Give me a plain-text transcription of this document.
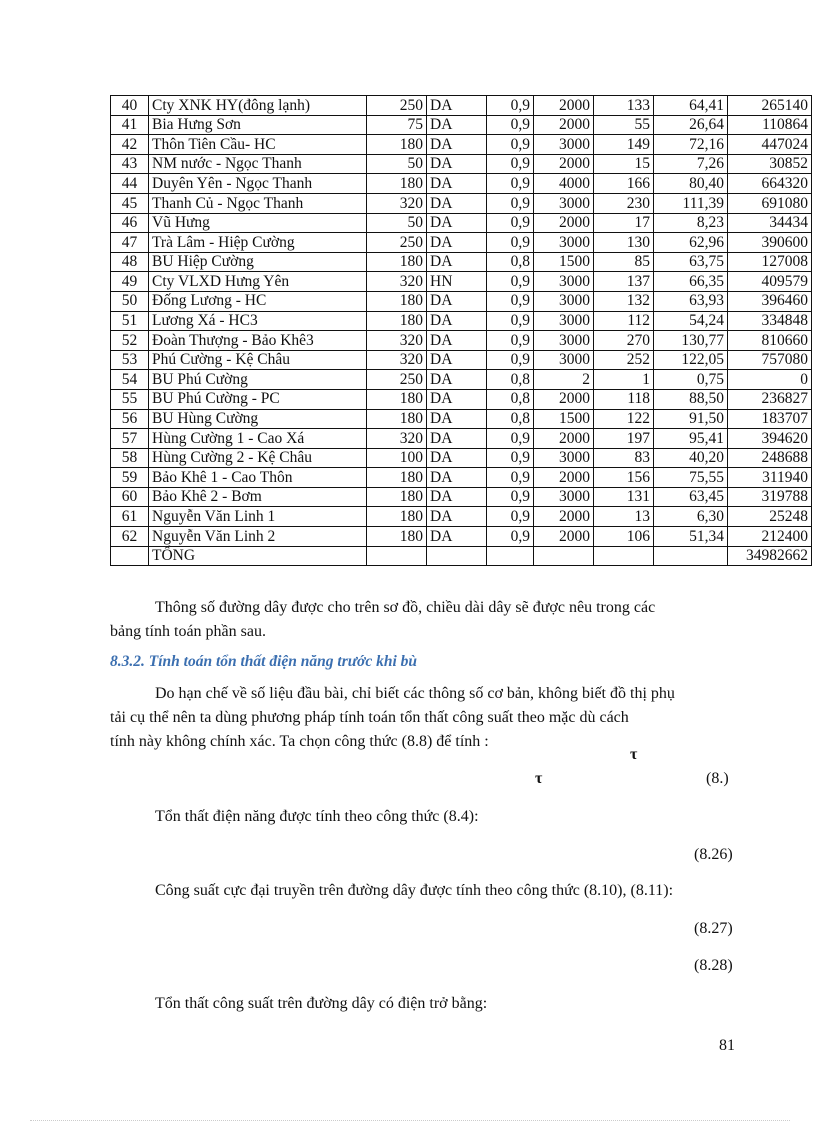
40	Cty XNK HY(đông lạnh)	250	DA	0,9	2000	133	64,41	265140
41	Bia Hưng Sơn	75	DA	0,9	2000	55	26,64	110864
42	Thôn Tiên Cầu- HC	180	DA	0,9	3000	149	72,16	447024
43	NM nước - Ngọc Thanh	50	DA	0,9	2000	15	7,26	30852
44	Duyên Yên - Ngọc Thanh	180	DA	0,9	4000	166	80,40	664320
45	Thanh Củ - Ngọc Thanh	320	DA	0,9	3000	230	111,39	691080
46	Vũ Hưng	50	DA	0,9	2000	17	8,23	34434
47	Trà Lâm - Hiệp Cường	250	DA	0,9	3000	130	62,96	390600
48	BU Hiệp Cường	180	DA	0,8	1500	85	63,75	127008
49	Cty VLXD Hưng Yên	320	HN	0,9	3000	137	66,35	409579
50	Đống Lương - HC	180	DA	0,9	3000	132	63,93	396460
51	Lương Xá - HC3	180	DA	0,9	3000	112	54,24	334848
52	Đoàn Thượng - Bảo Khê3	320	DA	0,9	3000	270	130,77	810660
53	Phú Cường - Kệ Châu	320	DA	0,9	3000	252	122,05	757080
54	BU Phú Cường	250	DA	0,8	2	1	0,75	0
55	BU Phú Cường - PC	180	DA	0,8	2000	118	88,50	236827
56	BU Hùng Cường	180	DA	0,8	1500	122	91,50	183707
57	Hùng Cường 1 - Cao Xá	320	DA	0,9	2000	197	95,41	394620
58	Hùng Cường 2 - Kệ Châu	100	DA	0,9	3000	83	40,20	248688
59	Bảo Khê 1 - Cao Thôn	180	DA	0,9	2000	156	75,55	311940
60	Bảo Khê 2 - Bơm	180	DA	0,9	3000	131	63,45	319788
61	Nguyễn Văn Linh 1	180	DA	0,9	2000	13	6,30	25248
62	Nguyễn Văn Linh 2	180	DA	0,9	2000	106	51,34	212400
	TỔNG							34982662
Thông số đường dây được cho trên sơ đồ, chiều dài dây sẽ được nêu trong các
bảng tính toán phần sau.
8.3.2. Tính toán tổn thất điện năng trước khi bù
Do hạn chế về số liệu đầu bài, chỉ biết các thông số cơ bản, không biết đồ thị phụ
tải cụ thể nên ta dùng phương pháp tính toán tổn thất công suất theo mặc dù cách
tính này không chính xác. Ta chọn công thức (8.8) để tính :
τ
τ	(8.)
Tổn thất điện năng được tính theo công thức (8.4):
(8.26)
Công suất cực đại truyền trên đường dây được tính theo công thức (8.10), (8.11):
(8.27)
(8.28)
Tổn thất công suất trên đường dây có điện trở bằng:
81
